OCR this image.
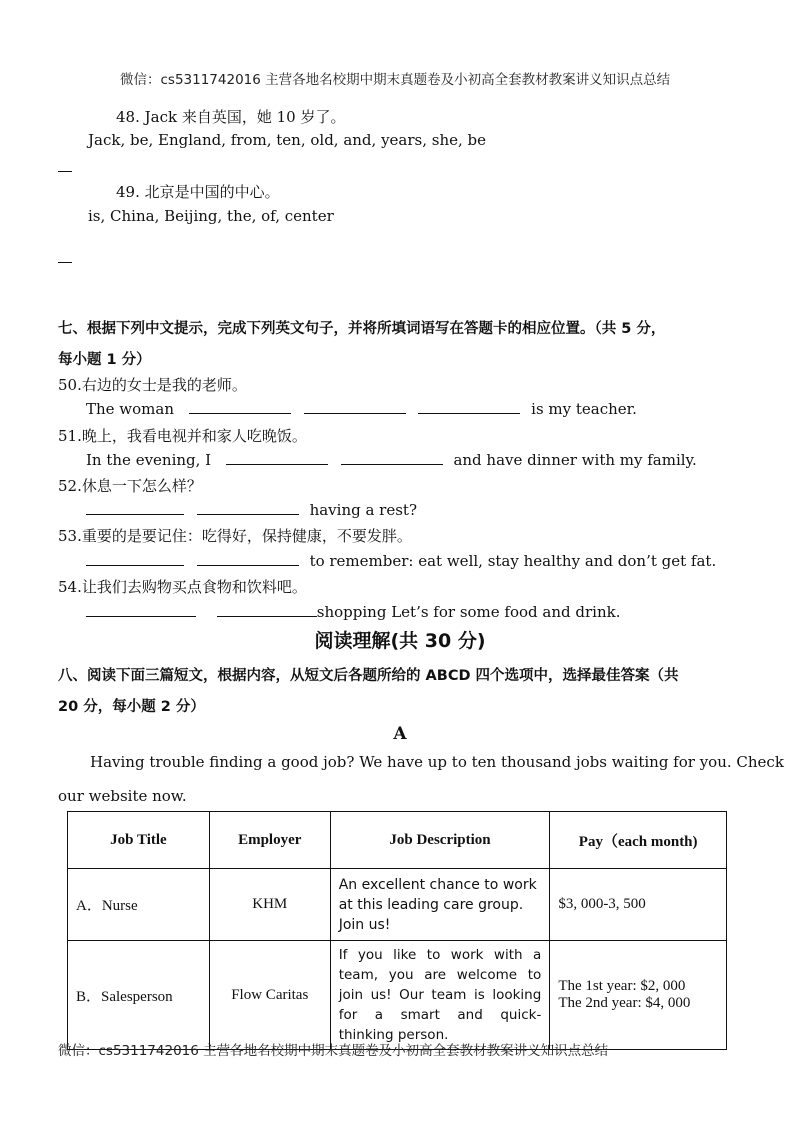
微信：cs5311742016 主营各地名校期中期末真题卷及小初高全套教材教案讲义知识点总结
48. Jack 来自英国，她 10 岁了。
Jack, be, England, from, ten, old, and, years, she, be
49. 北京是中国的中心。
is, China, Beijing, the, of, center
七、根据下列中文提示，完成下列英文句子，并将所填词语写在答题卡的相应位置。（共 5 分，
每小题 1 分）
50.右边的女士是我的老师。
The woman	is my teacher.
51.晚上，我看电视并和家人吃晚饭。
In the evening, I	and have dinner with my family.
52.休息一下怎么样？
having a rest?
53.重要的是要记住：吃得好，保持健康，不要发胖。
to remember: eat well, stay healthy and don’t get fat.
54.让我们去购物买点食物和饮料吧。
shopping Let’s for some food and drink.
阅读理解(共 30 分)
八、阅读下面三篇短文，根据内容，从短文后各题所给的 ABCD 四个选项中，选择最佳答案（共
20 分，每小题 2 分）
A
Having trouble finding a good job? We have up to ten thousand jobs waiting for you. Check
our website now.
Job Title	Employer	Job Description	Pay（each month)
A．Nurse	KHM	An excellent chance to work at this leading care group. Join us!	$3, 000-3, 500
B．Salesperson	Flow Caritas	If you like to work with a team, you are welcome to join us! Our team is looking for a smart and quick-thinking person.	The 1st year: $2, 000
The 2nd year: $4, 000
微信：cs5311742016 主营各地名校期中期末真题卷及小初高全套教材教案讲义知识点总结
